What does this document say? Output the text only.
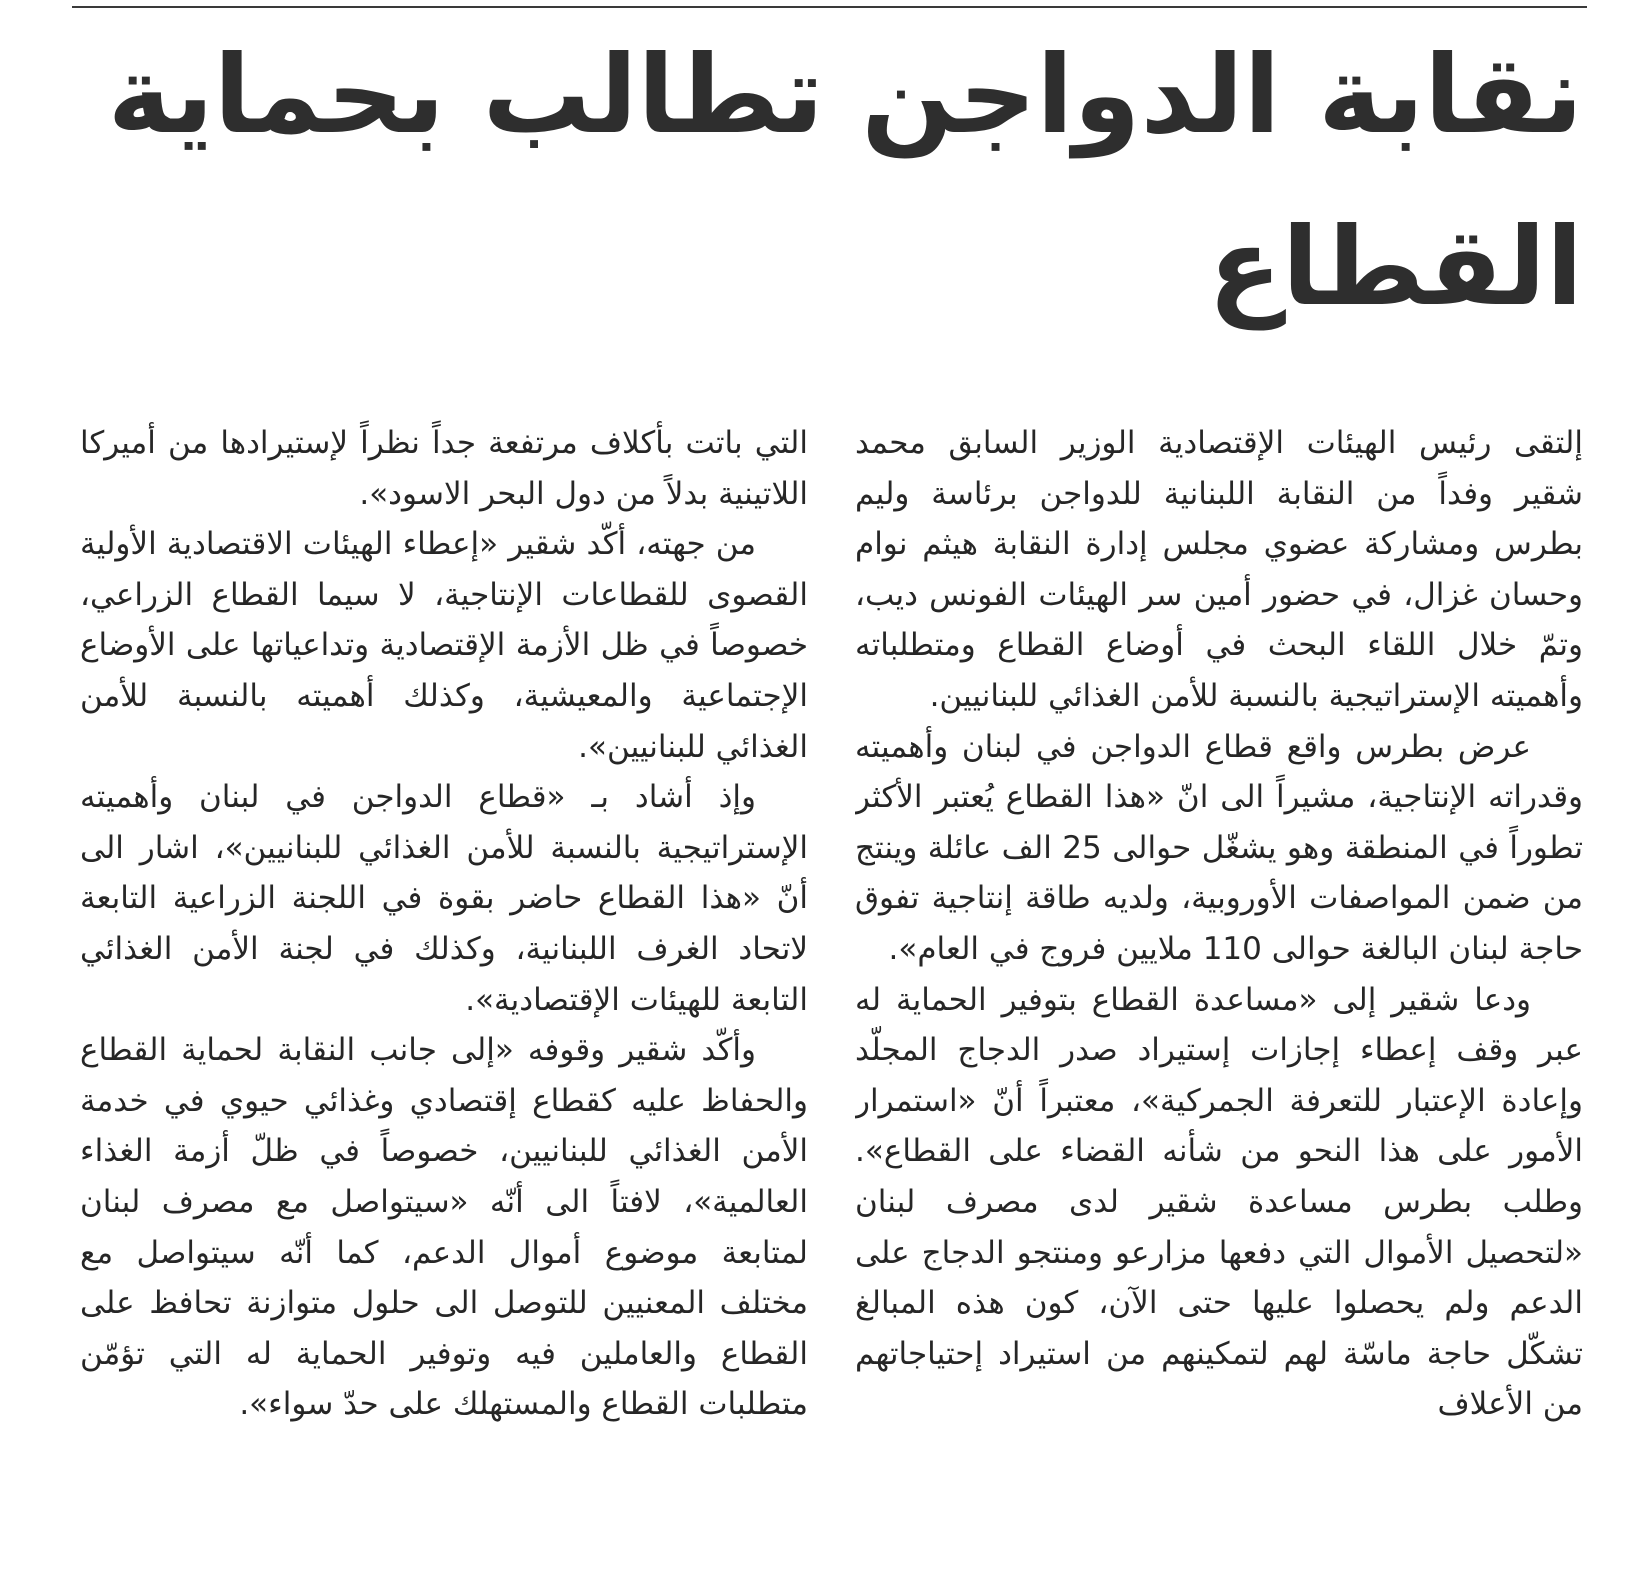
نقابة الدواجن تطالب بحماية القطاع

إلتقى رئيس الهيئات الإقتصادية الوزير السابق محمد شقير وفداً من النقابة اللبنانية للدواجن برئاسة وليم بطرس ومشاركة عضوي مجلس إدارة النقابة هيثم نوام وحسان غزال، في حضور أمين سر الهيئات الفونس ديب، وتمّ خلال اللقاء البحث في أوضاع القطاع ومتطلباته وأهميته الإستراتيجية بالنسبة للأمن الغذائي للبنانيين.

عرض بطرس واقع قطاع الدواجن في لبنان وأهميته وقدراته الإنتاجية، مشيراً الى انّ «هذا القطاع يُعتبر الأكثر تطوراً في المنطقة وهو يشغّل حوالى 25 الف عائلة وينتج من ضمن المواصفات الأوروبية، ولديه طاقة إنتاجية تفوق حاجة لبنان البالغة حوالى 110 ملايين فروج في العام».

ودعا شقير إلى «مساعدة القطاع بتوفير الحماية له عبر وقف إعطاء إجازات إستيراد صدر الدجاج المجلّد وإعادة الإعتبار للتعرفة الجمركية»، معتبراً أنّ «استمرار الأمور على هذا النحو من شأنه القضاء على القطاع». وطلب بطرس مساعدة شقير لدى مصرف لبنان «لتحصيل الأموال التي دفعها مزارعو ومنتجو الدجاج على الدعم ولم يحصلوا عليها حتى الآن، كون هذه المبالغ تشكّل حاجة ماسّة لهم لتمكينهم من استيراد إحتياجاتهم من الأعلاف

التي باتت بأكلاف مرتفعة جداً نظراً لإستيرادها من أميركا اللاتينية بدلاً من دول البحر الاسود».

من جهته، أكّد شقير «إعطاء الهيئات الاقتصادية الأولية القصوى للقطاعات الإنتاجية، لا سيما القطاع الزراعي، خصوصاً في ظل الأزمة الإقتصادية وتداعياتها على الأوضاع الإجتماعية والمعيشية، وكذلك أهميته بالنسبة للأمن الغذائي للبنانيين».

وإذ أشاد بـ «قطاع الدواجن في لبنان وأهميته الإستراتيجية بالنسبة للأمن الغذائي للبنانيين»، اشار الى أنّ «هذا القطاع حاضر بقوة في اللجنة الزراعية التابعة لاتحاد الغرف اللبنانية، وكذلك في لجنة الأمن الغذائي التابعة للهيئات الإقتصادية».

وأكّد شقير وقوفه «إلى جانب النقابة لحماية القطاع والحفاظ عليه كقطاع إقتصادي وغذائي حيوي في خدمة الأمن الغذائي للبنانيين، خصوصاً في ظلّ أزمة الغذاء العالمية»، لافتاً الى أنّه «سيتواصل مع مصرف لبنان لمتابعة موضوع أموال الدعم، كما أنّه سيتواصل مع مختلف المعنيين للتوصل الى حلول متوازنة تحافظ على القطاع والعاملين فيه وتوفير الحماية له التي تؤمّن متطلبات القطاع والمستهلك على حدّ سواء».
